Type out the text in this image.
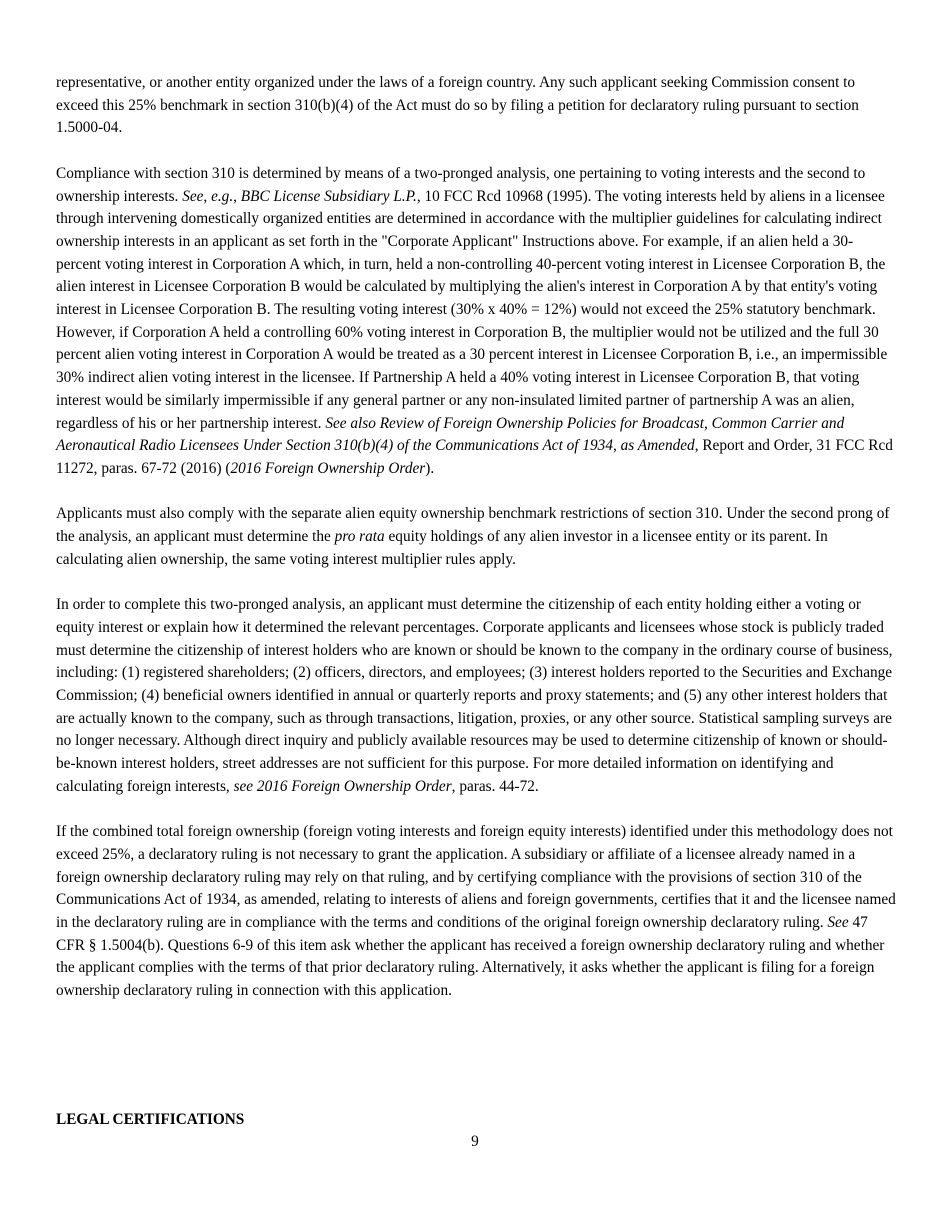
representative, or another entity organized under the laws of a foreign country. Any such applicant seeking Commission consent to exceed this 25% benchmark in section 310(b)(4) of the Act must do so by filing a petition for declaratory ruling pursuant to section 1.5000-04.

Compliance with section 310 is determined by means of a two-pronged analysis, one pertaining to voting interests and the second to ownership interests. See, e.g., BBC License Subsidiary L.P., 10 FCC Rcd 10968 (1995). The voting interests held by aliens in a licensee through intervening domestically organized entities are determined in accordance with the multiplier guidelines for calculating indirect ownership interests in an applicant as set forth in the "Corporate Applicant" Instructions above. For example, if an alien held a 30-percent voting interest in Corporation A which, in turn, held a non-controlling 40-percent voting interest in Licensee Corporation B, the alien interest in Licensee Corporation B would be calculated by multiplying the alien's interest in Corporation A by that entity's voting interest in Licensee Corporation B. The resulting voting interest (30% x 40% = 12%) would not exceed the 25% statutory benchmark. However, if Corporation A held a controlling 60% voting interest in Corporation B, the multiplier would not be utilized and the full 30 percent alien voting interest in Corporation A would be treated as a 30 percent interest in Licensee Corporation B, i.e., an impermissible 30% indirect alien voting interest in the licensee. If Partnership A held a 40% voting interest in Licensee Corporation B, that voting interest would be similarly impermissible if any general partner or any non-insulated limited partner of partnership A was an alien, regardless of his or her partnership interest. See also Review of Foreign Ownership Policies for Broadcast, Common Carrier and Aeronautical Radio Licensees Under Section 310(b)(4) of the Communications Act of 1934, as Amended, Report and Order, 31 FCC Rcd 11272, paras. 67-72 (2016) (2016 Foreign Ownership Order).

Applicants must also comply with the separate alien equity ownership benchmark restrictions of section 310. Under the second prong of the analysis, an applicant must determine the pro rata equity holdings of any alien investor in a licensee entity or its parent. In calculating alien ownership, the same voting interest multiplier rules apply.

In order to complete this two-pronged analysis, an applicant must determine the citizenship of each entity holding either a voting or equity interest or explain how it determined the relevant percentages. Corporate applicants and licensees whose stock is publicly traded must determine the citizenship of interest holders who are known or should be known to the company in the ordinary course of business, including: (1) registered shareholders; (2) officers, directors, and employees; (3) interest holders reported to the Securities and Exchange Commission; (4) beneficial owners identified in annual or quarterly reports and proxy statements; and (5) any other interest holders that are actually known to the company, such as through transactions, litigation, proxies, or any other source. Statistical sampling surveys are no longer necessary. Although direct inquiry and publicly available resources may be used to determine citizenship of known or should-be-known interest holders, street addresses are not sufficient for this purpose. For more detailed information on identifying and calculating foreign interests, see 2016 Foreign Ownership Order, paras. 44-72.

If the combined total foreign ownership (foreign voting interests and foreign equity interests) identified under this methodology does not exceed 25%, a declaratory ruling is not necessary to grant the application. A subsidiary or affiliate of a licensee already named in a foreign ownership declaratory ruling may rely on that ruling, and by certifying compliance with the provisions of section 310 of the Communications Act of 1934, as amended, relating to interests of aliens and foreign governments, certifies that it and the licensee named in the declaratory ruling are in compliance with the terms and conditions of the original foreign ownership declaratory ruling. See 47 CFR § 1.5004(b). Questions 6-9 of this item ask whether the applicant has received a foreign ownership declaratory ruling and whether the applicant complies with the terms of that prior declaratory ruling. Alternatively, it asks whether the applicant is filing for a foreign ownership declaratory ruling in connection with this application.

LEGAL CERTIFICATIONS
9
